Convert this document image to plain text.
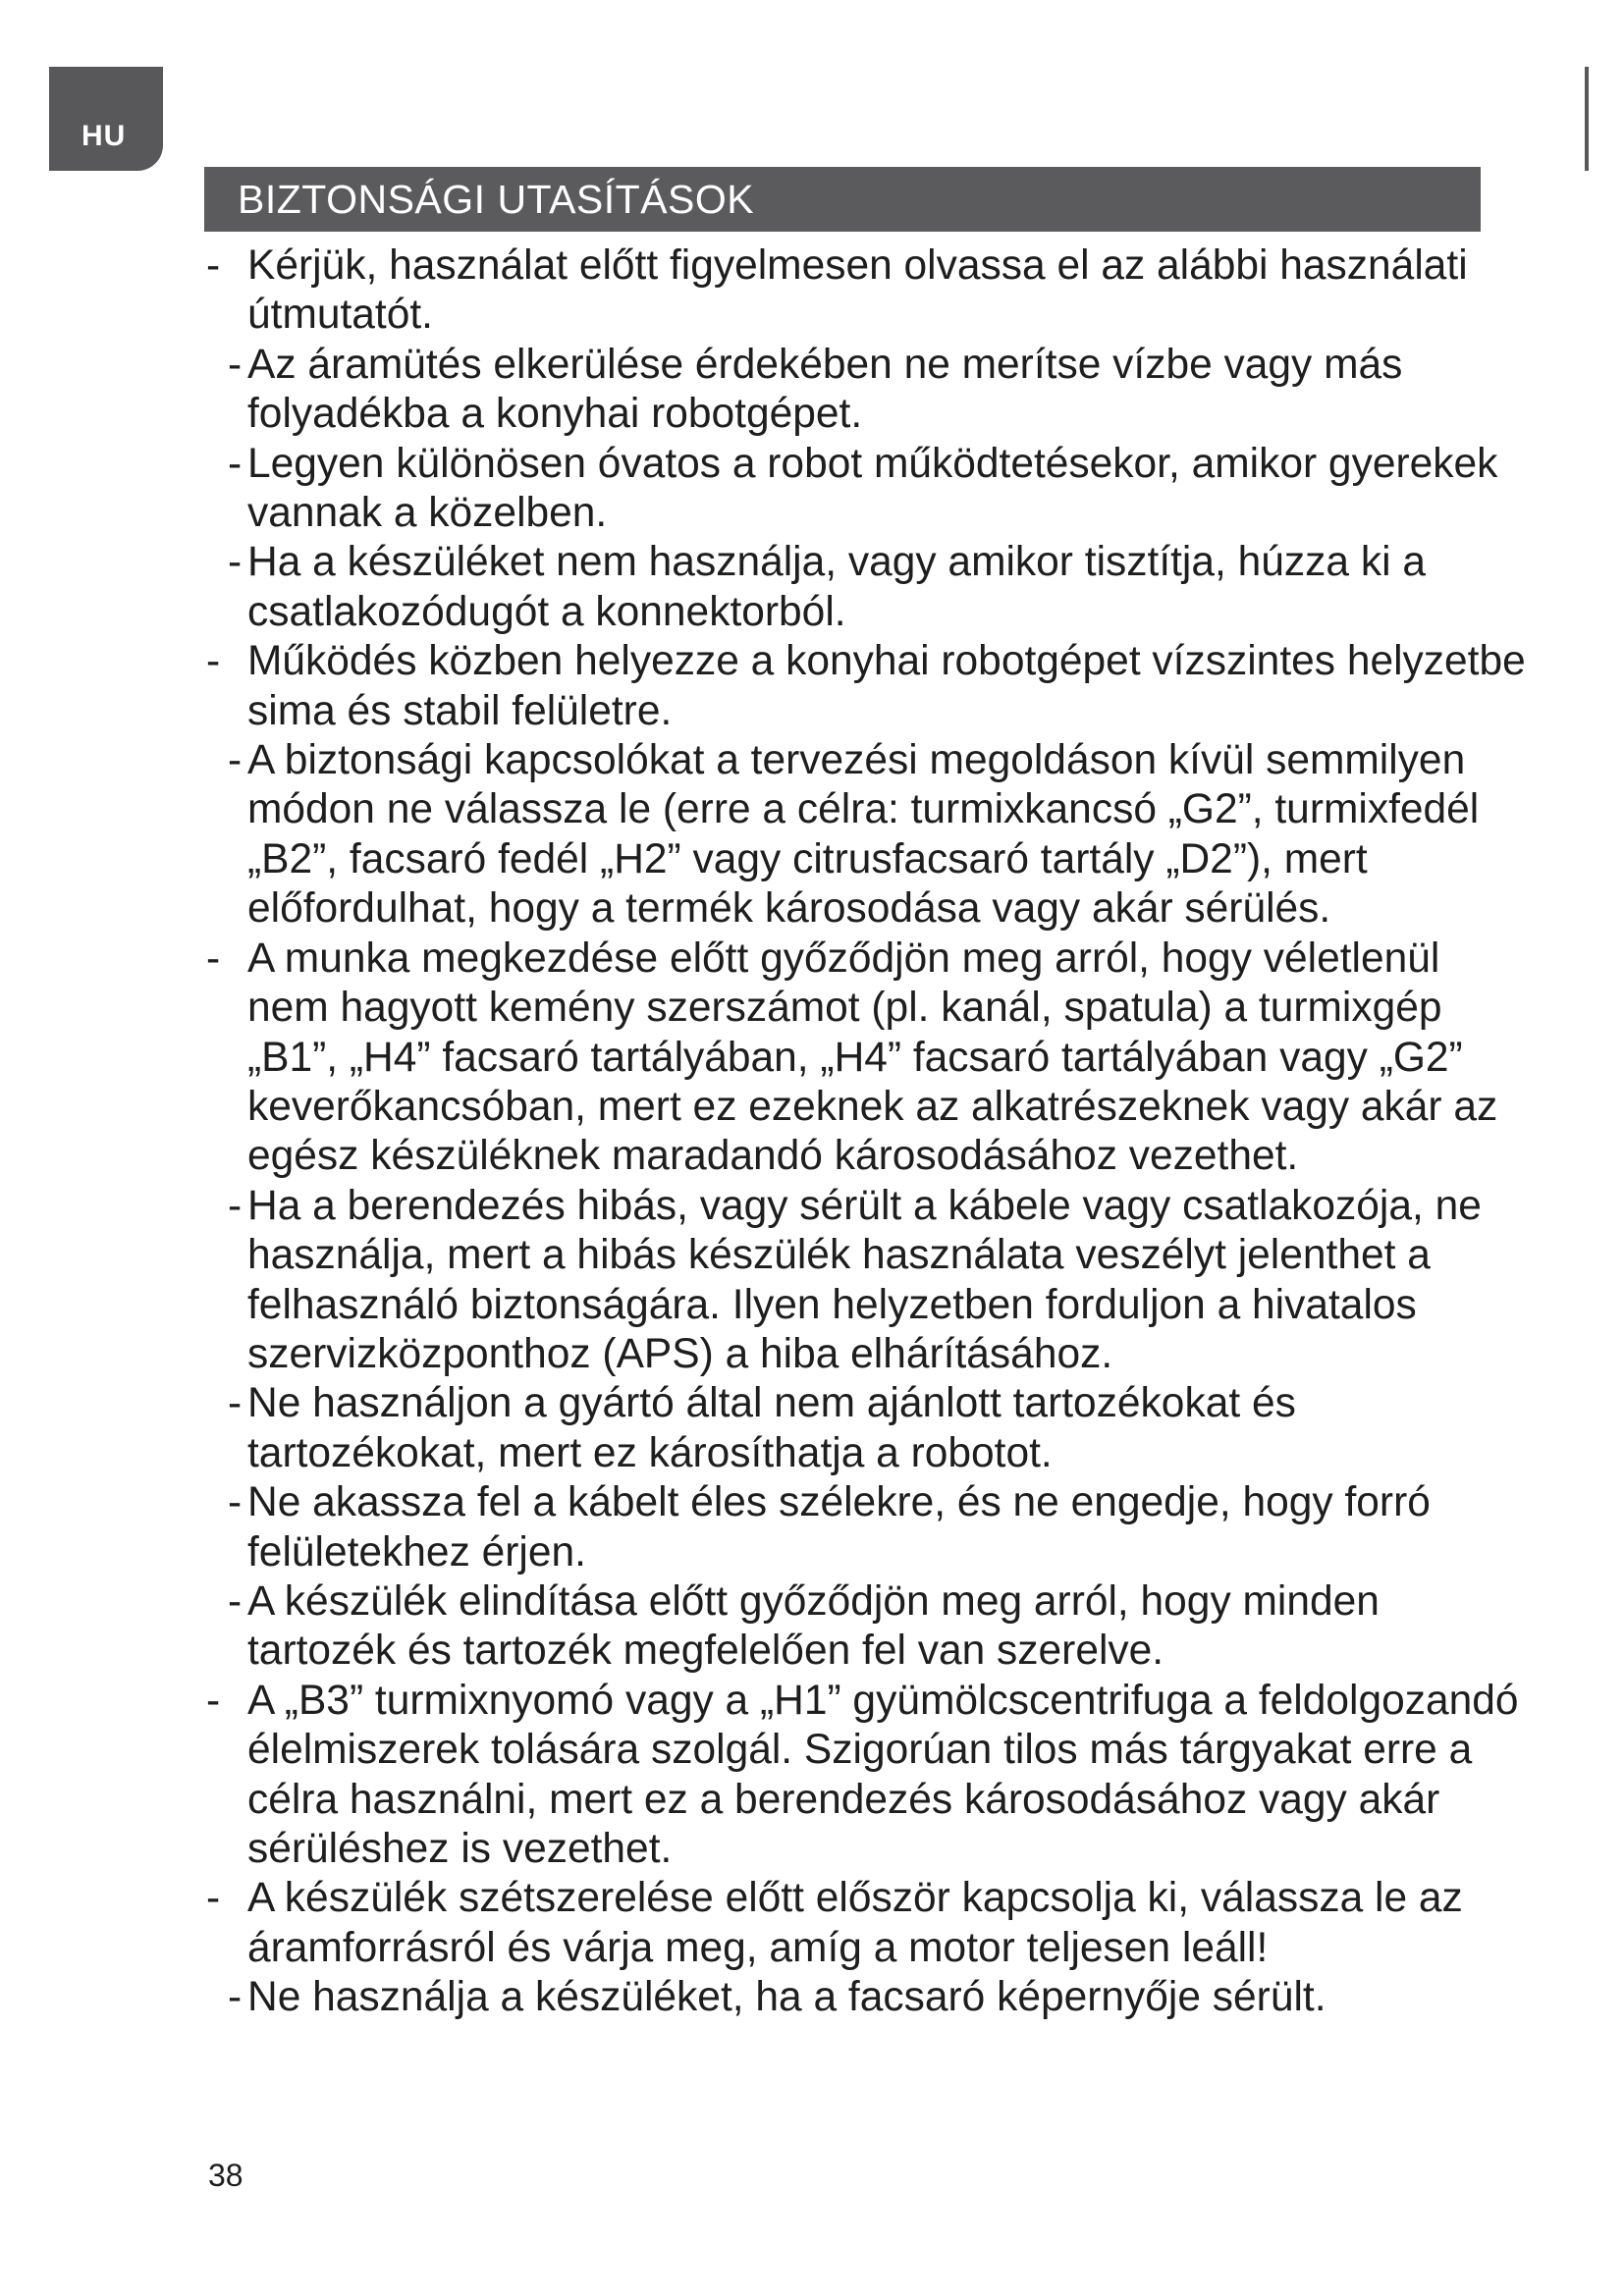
HU
BIZTONSÁGI UTASÍTÁSOK
- Kérjük, használat előtt figyelmesen olvassa el az alábbi használati útmutatót.
- Az áramütés elkerülése érdekében ne merítse vízbe vagy más folyadékba a konyhai robotgépet.
- Legyen különösen óvatos a robot működtetésekor, amikor gyerekek vannak a közelben.
- Ha a készüléket nem használja, vagy amikor tisztítja, húzza ki a csatlakozódugót a konnektorból.
- Működés közben helyezze a konyhai robotgépet vízszintes helyzetbe sima és stabil felületre.
- A biztonsági kapcsolókat a tervezési megoldáson kívül semmilyen módon ne válassza le (erre a célra: turmixkancsó „G2”, turmixfedél „B2”, facsaró fedél „H2” vagy citrusfacsaró tartály „D2”), mert előfordulhat, hogy a termék károsodása vagy akár sérülés.
- A munka megkezdése előtt győződjön meg arról, hogy véletlenül nem hagyott kemény szerszámot (pl. kanál, spatula) a turmixgép „B1”, „H4” facsaró tartályában, „H4” facsaró tartályában vagy „G2” keverőkancsóban, mert ez ezeknek az alkatrészeknek vagy akár az egész készüléknek maradandó károsodásához vezethet.
- Ha a berendezés hibás, vagy sérült a kábele vagy csatlakozója, ne használja, mert a hibás készülék használata veszélyt jelenthet a felhasználó biztonságára. Ilyen helyzetben forduljon a hivatalos szervizközponthoz (APS) a hiba elhárításához.
- Ne használjon a gyártó által nem ajánlott tartozékokat és tartozékokat, mert ez károsíthatja a robotot.
- Ne akassza fel a kábelt éles szélekre, és ne engedje, hogy forró felületekhez érjen.
- A készülék elindítása előtt győződjön meg arról, hogy minden tartozék és tartozék megfelelően fel van szerelve.
- A „B3” turmixnyomó vagy a „H1” gyümölcscentrifuga a feldolgozandó élelmiszerek tolására szolgál. Szigorúan tilos más tárgyakat erre a célra használni, mert ez a berendezés károsodásához vagy akár sérüléshez is vezethet.
- A készülék szétszerelése előtt először kapcsolja ki, válassza le az áramforrásról és várja meg, amíg a motor teljesen leáll!
- Ne használja a készüléket, ha a facsaró képernyője sérült.
38
